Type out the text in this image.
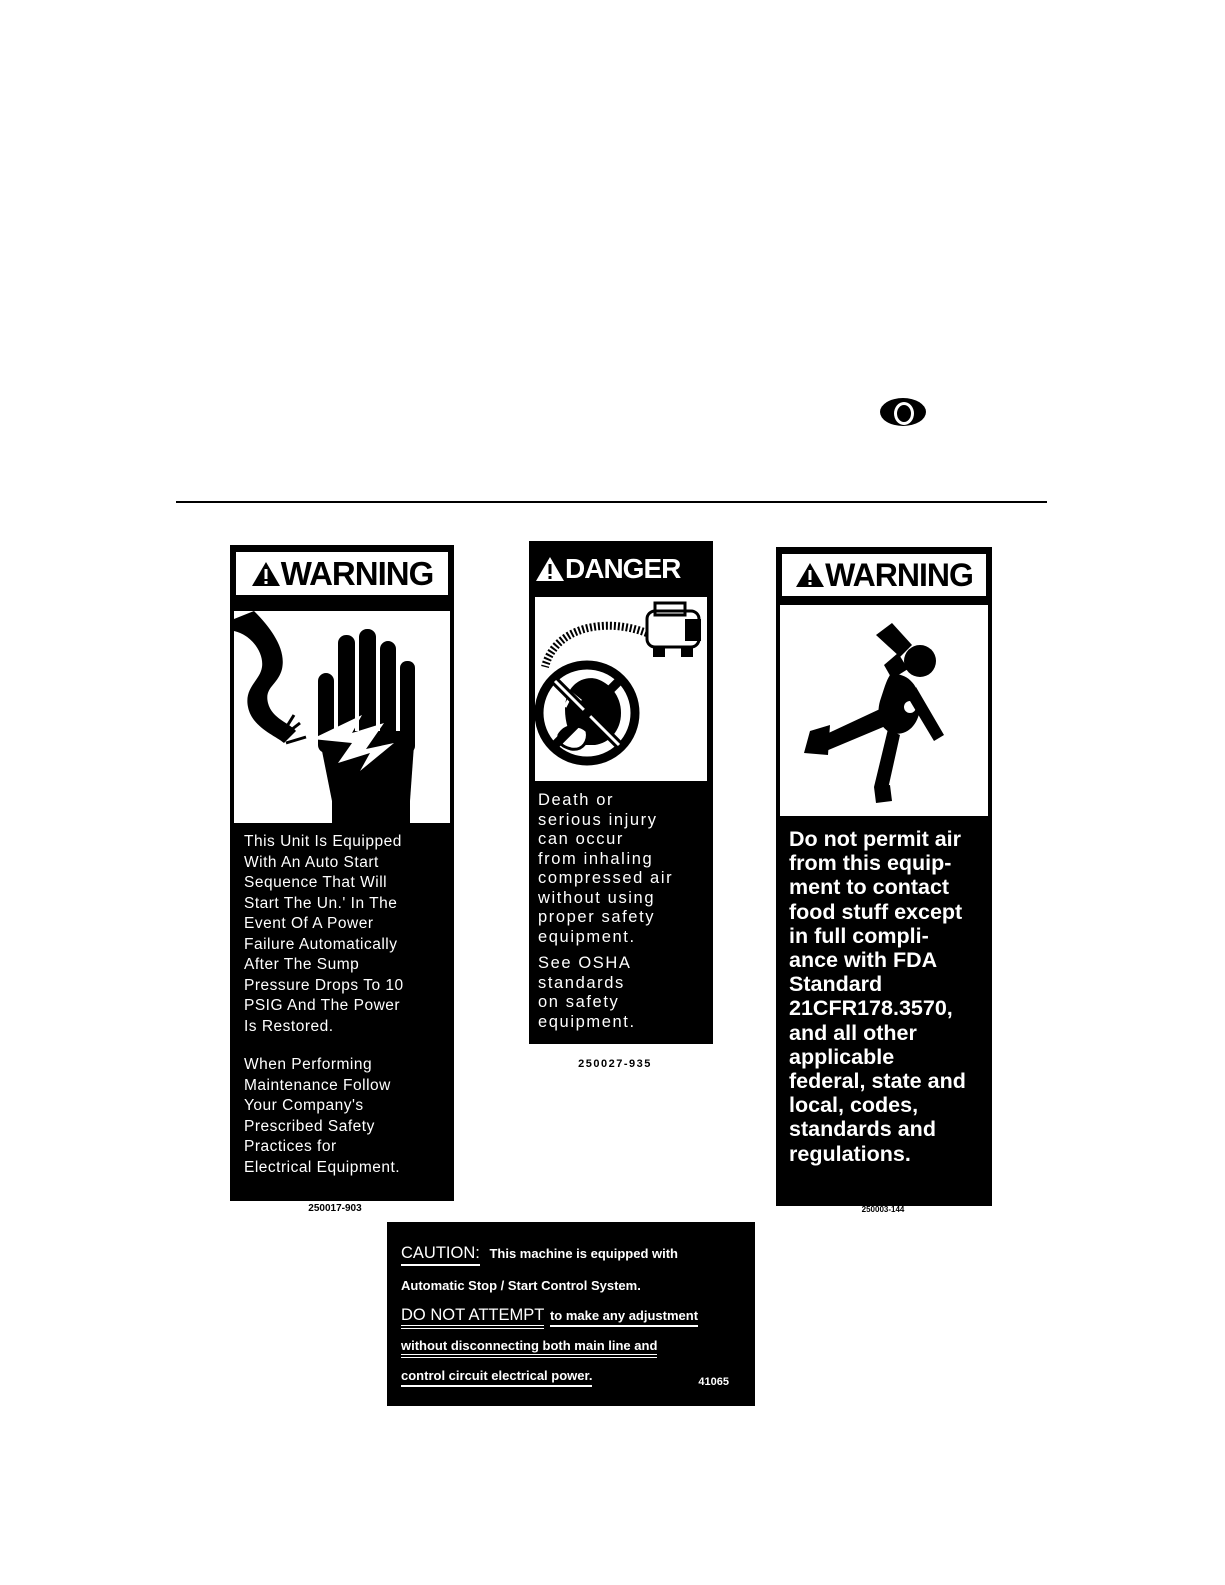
WARNING
This Unit Is Equipped
With An Auto Start
Sequence That Will
Start The Un.' In The
Event Of A Power
Failure Automatically
After The Sump
Pressure Drops To 10
PSIG And The Power
Is Restored.
When Performing
Maintenance Follow
Your Company's
Prescribed Safety
Practices for
Electrical Equipment.
250017-903
DANGER
Death or
serious injury
can occur
from inhaling
compressed air
without using
proper safety
equipment.
See OSHA
standards
on safety
equipment.
250027-935
WARNING
Do not permit air
from this equip-
ment to contact
food stuff except
in full compli-
ance with FDA
Standard
21CFR178.3570,
and all other
applicable
federal, state and
local, codes,
standards and
regulations.
250003-144
CAUTION: This machine is equipped with
Automatic Stop / Start Control System.
DO NOT ATTEMPT to make any adjustment
without disconnecting both main line and
control circuit electrical power.	41065
